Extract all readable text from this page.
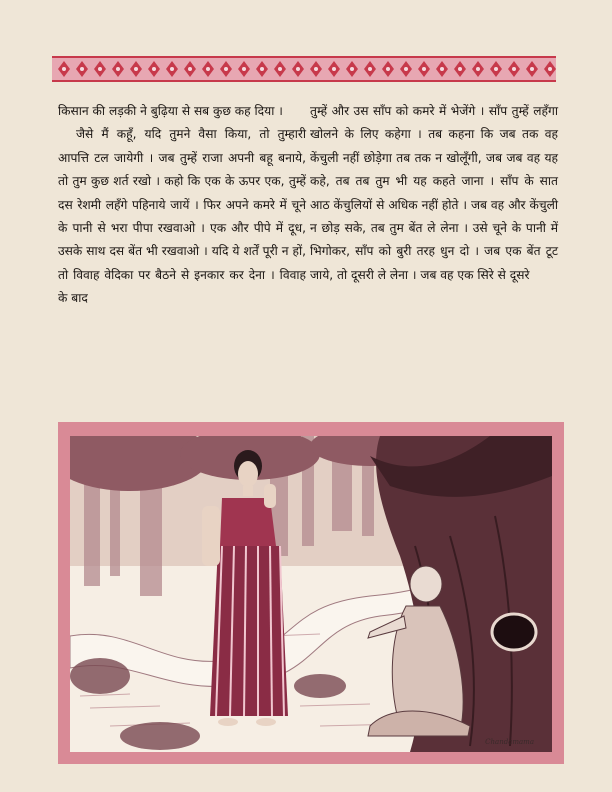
किसान की लड़की ने बुढ़िया से सब कुछ कह दिया ।

जैसे मैं कहूँ, यदि तुमने वैसा किया, तो तुम्हारी आपत्ति टल जायेगी । जब तुम्हें राजा अपनी बहू बनाये, तो तुम कुछ शर्त रखो । कहो कि एक के ऊपर एक, तुम्हें दस रेशमी लहँगे पहिनाये जायें । फिर अपने कमरे में चूने के पानी से भरा पीपा रखवाओ । एक और पीपे में दूध, उसके साथ दस बेंत भी रखवाओ । यदि ये शर्तें पूरी न हों, तो विवाह वेदिका पर बैठने से इनकार कर देना । विवाह के बाद

तुम्हें और उस साँप को कमरे में भेजेंगे । साँप तुम्हें लहँगा खोलने के लिए कहेगा । तब कहना कि जब तक वह केंचुली नहीं छोड़ेगा तब तक न खोलूँगी, जब जब वह यह कहे, तब तब तुम भी यह कहते जाना । साँप के सात आठ केंचुलियों से अधिक नहीं होते । जब वह और केंचुली न छोड़ सके, तब तुम बेंत ले लेना । उसे चूने के पानी में भिगोकर, साँप को बुरी तरह धुन दो । जब एक बेंत टूट जाये, तो दूसरी ले लेना । जब वह एक सिरे से दूसरे

Chandamama
